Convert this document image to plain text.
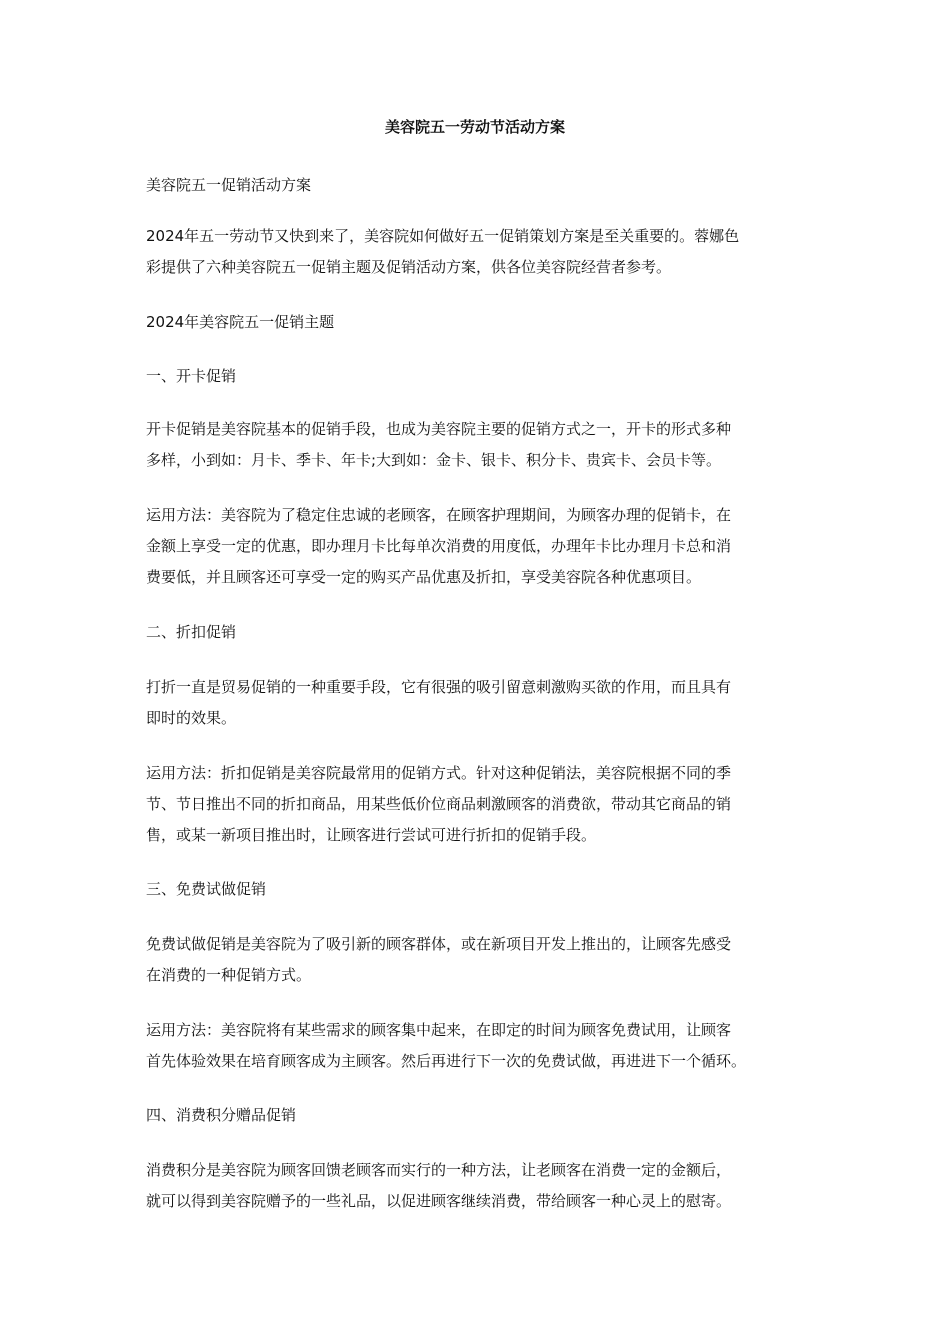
美容院五一劳动节活动方案
美容院五一促销活动方案
2024年五一劳动节又快到来了，美容院如何做好五一促销策划方案是至关重要的。蓉娜色
彩提供了六种美容院五一促销主题及促销活动方案，供各位美容院经营者参考。
2024年美容院五一促销主题
一、开卡促销
开卡促销是美容院基本的促销手段，也成为美容院主要的促销方式之一，开卡的形式多种
多样，小到如：月卡、季卡、年卡;大到如：金卡、银卡、积分卡、贵宾卡、会员卡等。
运用方法：美容院为了稳定住忠诚的老顾客，在顾客护理期间，为顾客办理的促销卡，在
金额上享受一定的优惠，即办理月卡比每单次消费的用度低，办理年卡比办理月卡总和消
费要低，并且顾客还可享受一定的购买产品优惠及折扣，享受美容院各种优惠项目。
二、折扣促销
打折一直是贸易促销的一种重要手段，它有很强的吸引留意刺激购买欲的作用，而且具有
即时的效果。
运用方法：折扣促销是美容院最常用的促销方式。针对这种促销法，美容院根据不同的季
节、节日推出不同的折扣商品，用某些低价位商品刺激顾客的消费欲，带动其它商品的销
售，或某一新项目推出时，让顾客进行尝试可进行折扣的促销手段。
三、免费试做促销
免费试做促销是美容院为了吸引新的顾客群体，或在新项目开发上推出的，让顾客先感受
在消费的一种促销方式。
运用方法：美容院将有某些需求的顾客集中起来，在即定的时间为顾客免费试用，让顾客
首先体验效果在培育顾客成为主顾客。然后再进行下一次的免费试做，再进进下一个循环。
四、消费积分赠品促销
消费积分是美容院为顾客回馈老顾客而实行的一种方法，让老顾客在消费一定的金额后，
就可以得到美容院赠予的一些礼品，以促进顾客继续消费，带给顾客一种心灵上的慰寄。
